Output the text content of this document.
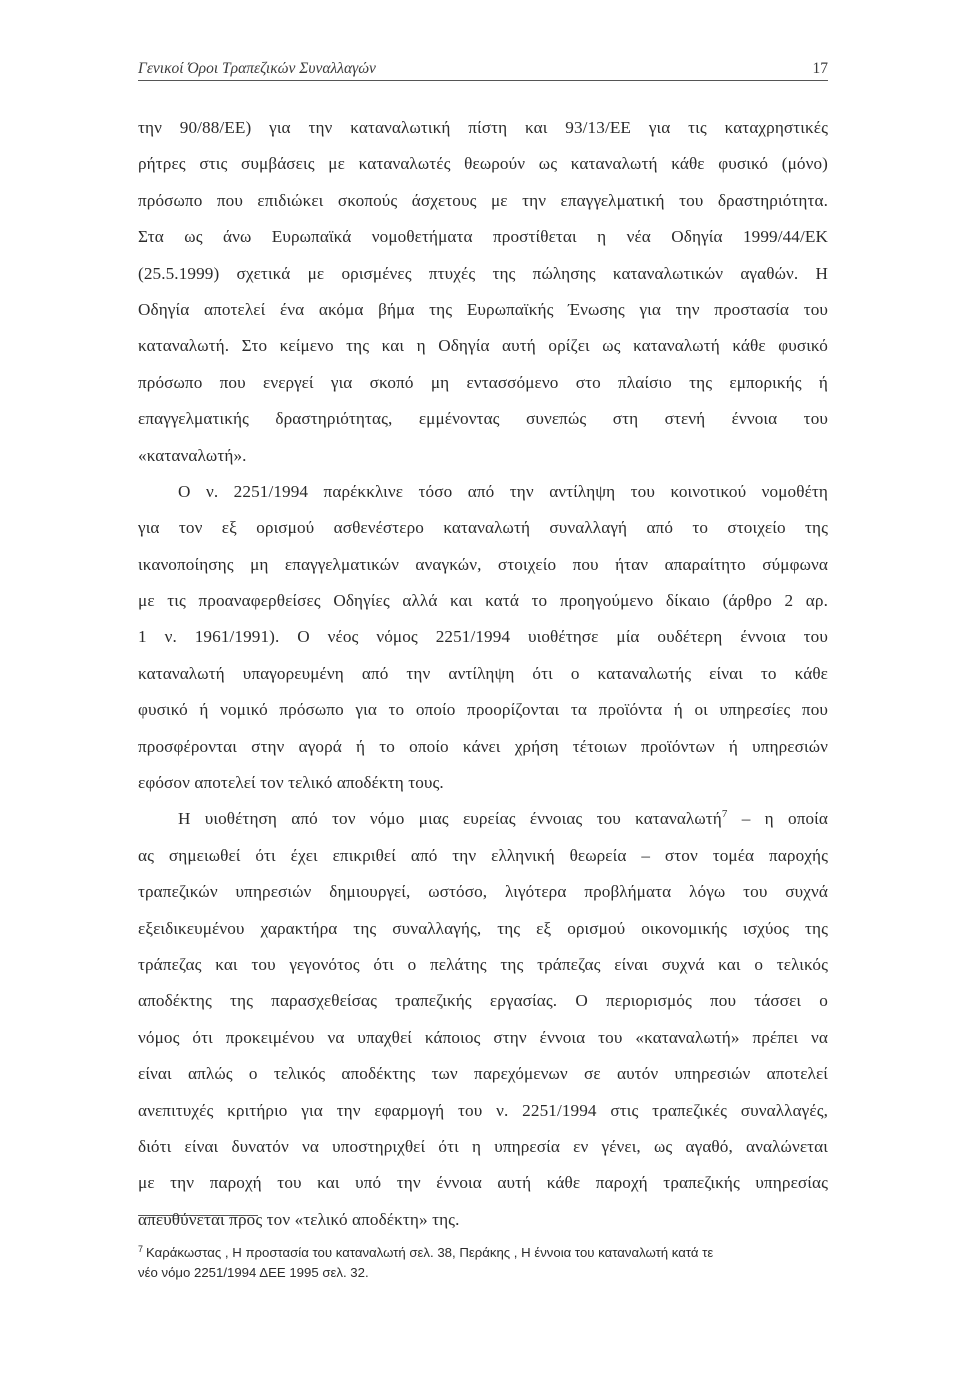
Γενικοί Όροι Τραπεζικών Συναλλαγών	17
την 90/88/ΕΕ) για την καταναλωτική πίστη και 93/13/ΕΕ για τις καταχρηστικές
ρήτρες στις συμβάσεις με καταναλωτές θεωρούν ως καταναλωτή κάθε φυσικό (μόνο)
πρόσωπο που επιδιώκει σκοπούς άσχετους με την επαγγελματική του δραστηριότητα.
Στα ως άνω Ευρωπαϊκά νομοθετήματα προστίθεται η νέα Οδηγία 1999/44/ΕΚ
(25.5.1999) σχετικά με ορισμένες πτυχές της πώλησης καταναλωτικών αγαθών. Η
Οδηγία αποτελεί ένα ακόμα βήμα της Ευρωπαϊκής Ένωσης για την προστασία του
καταναλωτή. Στο κείμενο της και η Οδηγία αυτή ορίζει ως καταναλωτή κάθε φυσικό
πρόσωπο που ενεργεί για σκοπό μη εντασσόμενο στο πλαίσιο της εμπορικής ή
επαγγελματικής δραστηριότητας, εμμένοντας συνεπώς στη στενή έννοια του
«καταναλωτή».
Ο ν. 2251/1994 παρέκκλινε τόσο από την αντίληψη του κοινοτικού νομοθέτη
για τον εξ ορισμού ασθενέστερο καταναλωτή συναλλαγή από το στοιχείο της
ικανοποίησης μη επαγγελματικών αναγκών, στοιχείο που ήταν απαραίτητο σύμφωνα
με τις προαναφερθείσες Οδηγίες αλλά και κατά το προηγούμενο δίκαιο (άρθρο 2 αρ.
1 ν. 1961/1991). Ο νέος νόμος 2251/1994 υιοθέτησε μία ουδέτερη έννοια του
καταναλωτή υπαγορευμένη από την αντίληψη ότι ο καταναλωτής είναι το κάθε
φυσικό ή νομικό πρόσωπο για το οποίο προορίζονται τα προϊόντα ή οι υπηρεσίες που
προσφέρονται στην αγορά ή το οποίο κάνει χρήση τέτοιων προϊόντων ή υπηρεσιών
εφόσον αποτελεί τον τελικό αποδέκτη τους.
Η υιοθέτηση από τον νόμο μιας ευρείας έννοιας του καταναλωτή$^7$ – η οποία
ας σημειωθεί ότι έχει επικριθεί από την ελληνική θεωρεία – στον τομέα παροχής
τραπεζικών υπηρεσιών δημιουργεί, ωστόσο, λιγότερα προβλήματα λόγω του συχνά
εξειδικευμένου χαρακτήρα της συναλλαγής, της εξ ορισμού οικονομικής ισχύος της
τράπεζας και του γεγονότος ότι ο πελάτης της τράπεζας είναι συχνά και ο τελικός
αποδέκτης της παρασχεθείσας τραπεζικής εργασίας. Ο περιορισμός που τάσσει ο
νόμος ότι προκειμένου να υπαχθεί κάποιος στην έννοια του «καταναλωτή» πρέπει να
είναι απλώς ο τελικός αποδέκτης των παρεχόμενων σε αυτόν υπηρεσιών αποτελεί
ανεπιτυχές κριτήριο για την εφαρμογή του ν. 2251/1994 στις τραπεζικές συναλλαγές,
διότι είναι δυνατόν να υποστηριχθεί ότι η υπηρεσία εν γένει, ως αγαθό, αναλώνεται
με την παροχή του και υπό την έννοια αυτή κάθε παροχή τραπεζικής υπηρεσίας
απευθύνεται προς τον «τελικό αποδέκτη» της.
$^7$ Καράκωστας , Η προστασία του καταναλωτή σελ. 38, Περάκης , Η έννοια του καταναλωτή κατά τε
νέο νόμο 2251/1994 ΔΕΕ 1995 σελ. 32.
